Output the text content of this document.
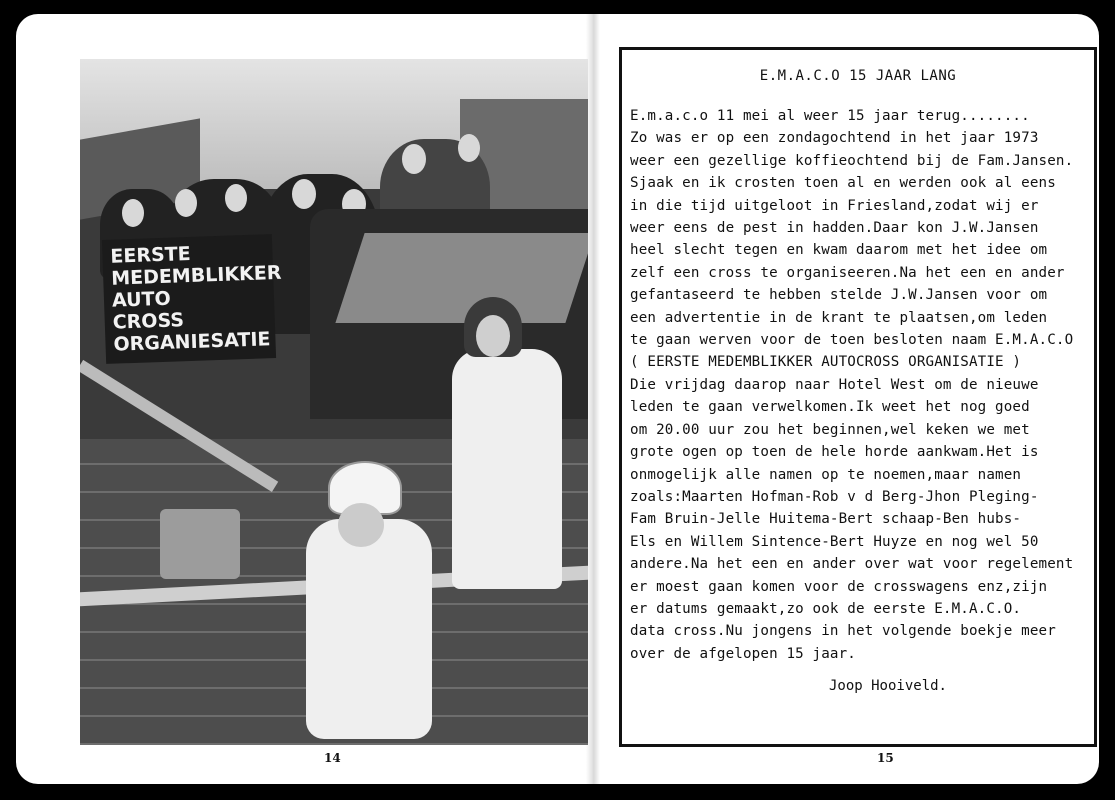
EERSTE
MEDEMBLIKKER
AUTO
CROSS
ORGANIESATIE
14
E.M.A.C.O 15 JAAR LANG
E.m.a.c.o 11 mei al weer 15 jaar terug........
Zo was er op een zondagochtend in het jaar 1973
weer een gezellige koffieochtend bij de Fam.Jansen.
Sjaak en ik crosten toen al en werden ook al eens
in die tijd uitgeloot in Friesland,zodat wij er
weer eens de pest in hadden.Daar kon J.W.Jansen
heel slecht tegen en kwam daarom met het idee om
zelf een cross te organiseeren.Na het een en ander
gefantaseerd te hebben stelde J.W.Jansen voor om
een advertentie in de krant te plaatsen,om leden
te gaan werven voor de toen besloten naam E.M.A.C.O
( EERSTE MEDEMBLIKKER AUTOCROSS ORGANISATIE )
Die vrijdag daarop naar Hotel West om de nieuwe
leden te gaan verwelkomen.Ik weet het nog goed
om 20.00 uur zou het beginnen,wel keken we met
grote ogen op toen de hele horde aankwam.Het is
onmogelijk alle namen op te noemen,maar namen
zoals:Maarten Hofman-Rob v d Berg-Jhon Pleging-
Fam Bruin-Jelle Huitema-Bert schaap-Ben hubs-
Els en Willem Sintence-Bert Huyze en nog wel 50
andere.Na het een en ander over wat voor regelement
er moest gaan komen voor de crosswagens enz,zijn
er datums gemaakt,zo ook de eerste E.M.A.C.O.
data cross.Nu jongens in het volgende boekje meer
over de afgelopen 15 jaar.
Joop Hooiveld.
15
